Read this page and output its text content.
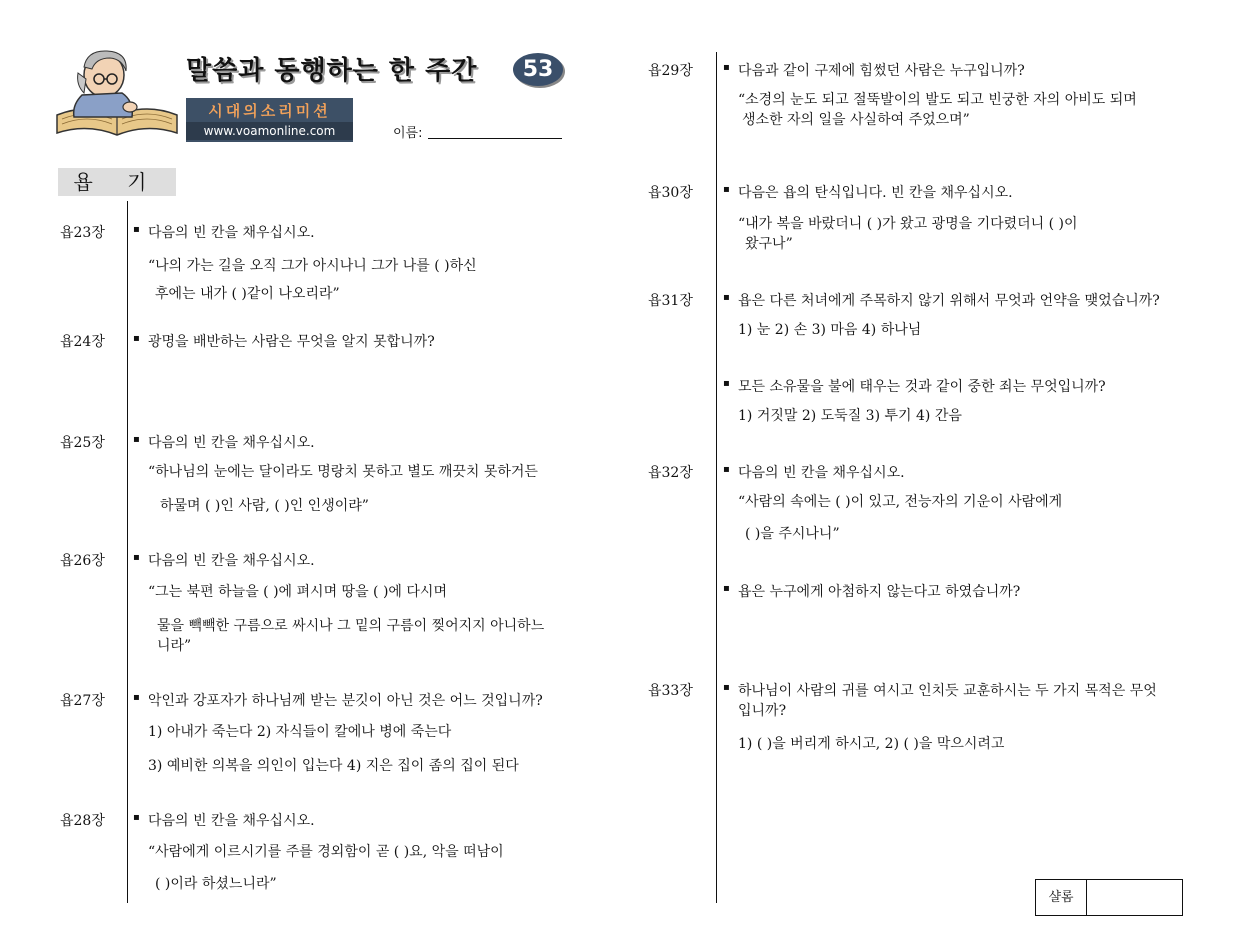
말씀과 동행하는 한 주간	53
시대의소리미션
www.voamonline.com	이름:
욥 기
욥23장	▪ 다음의 빈 칸을 채우십시오.
“나의 가는 길을 오직 그가 아시나니 그가 나를 ( )하신
후에는 내가 ( )같이 나오리라”
욥24장	▪ 광명을 배반하는 사람은 무엇을 알지 못합니까?
욥25장	▪ 다음의 빈 칸을 채우십시오.
“하나님의 눈에는 달이라도 명랑치 못하고 별도 깨끗치 못하거든
하물며 ( )인 사람, ( )인 인생이랴”
욥26장	▪ 다음의 빈 칸을 채우십시오.
“그는 북편 하늘을 ( )에 펴시며 땅을 ( )에 다시며
물을 빽빽한 구름으로 싸시나 그 밑의 구름이 찢어지지 아니하느
니라”
욥27장	▪ 악인과 강포자가 하나님께 받는 분깃이 아닌 것은 어느 것입니까?
1) 아내가 죽는다 2) 자식들이 칼에나 병에 죽는다
3) 예비한 의복을 의인이 입는다 4) 지은 집이 좀의 집이 된다
욥28장	▪ 다음의 빈 칸을 채우십시오.
“사람에게 이르시기를 주를 경외함이 곧 ( )요, 악을 떠남이
( )이라 하셨느니라”
욥29장	▪ 다음과 같이 구제에 힘썼던 사람은 누구입니까?
“소경의 눈도 되고 절뚝발이의 발도 되고 빈궁한 자의 아비도 되며
생소한 자의 일을 사실하여 주었으며”
욥30장	▪ 다음은 욥의 탄식입니다. 빈 칸을 채우십시오.
“내가 복을 바랐더니 ( )가 왔고 광명을 기다렸더니 ( )이
왔구나”
욥31장	▪ 욥은 다른 처녀에게 주목하지 않기 위해서 무엇과 언약을 맺었습니까?
1) 눈 2) 손 3) 마음 4) 하나님
▪ 모든 소유물을 불에 태우는 것과 같이 중한 죄는 무엇입니까?
1) 거짓말 2) 도둑질 3) 투기 4) 간음
욥32장	▪ 다음의 빈 칸을 채우십시오.
“사람의 속에는 ( )이 있고, 전능자의 기운이 사람에게
( )을 주시나니”
▪ 욥은 누구에게 아첨하지 않는다고 하였습니까?
욥33장	▪ 하나님이 사람의 귀를 여시고 인치듯 교훈하시는 두 가지 목적은 무엇
입니까?
1) ( )을 버리게 하시고, 2) ( )을 막으시려고
샬롬
